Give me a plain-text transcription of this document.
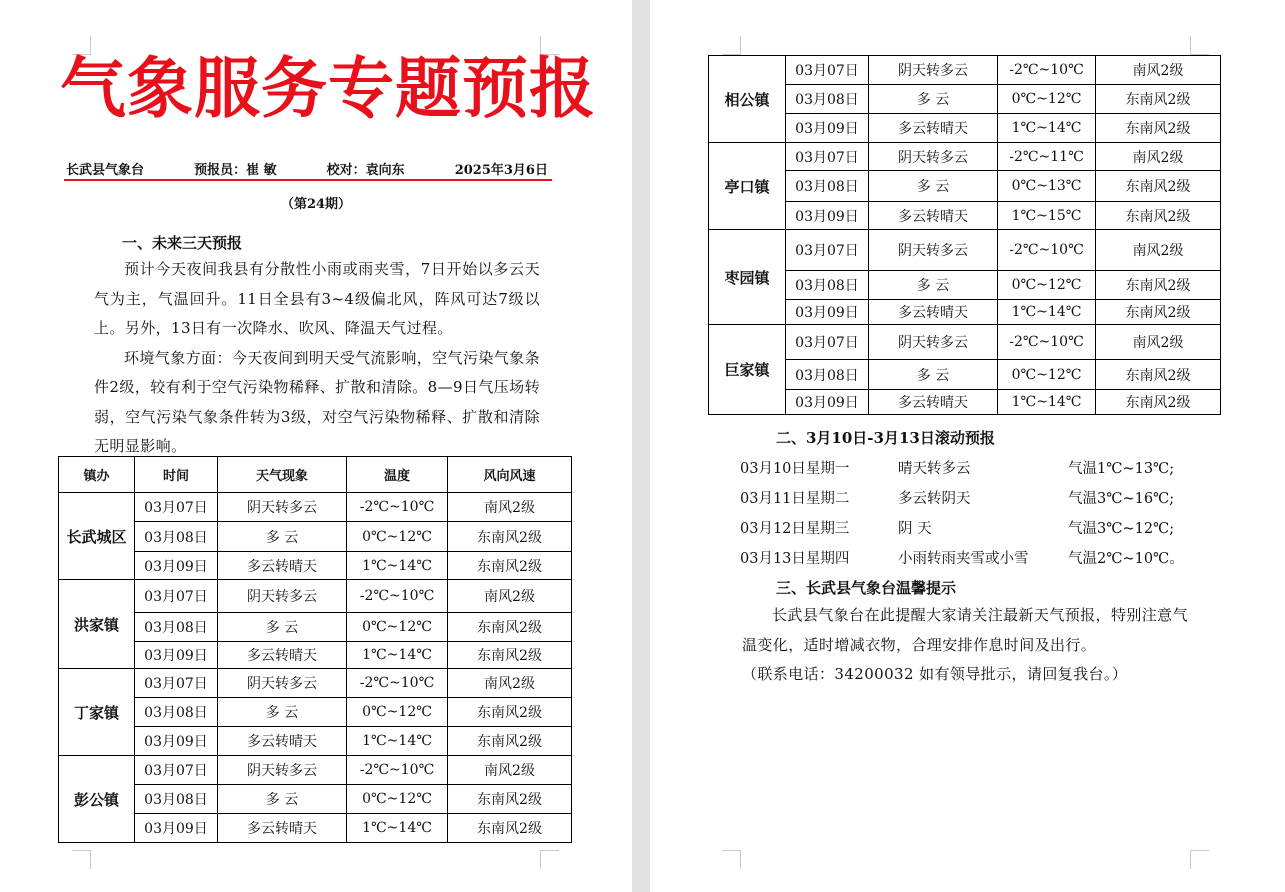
气象服务专题预报
长武县气象台	预报员：崔 敏	校对：袁向东	2025年3月6日
（第24期）
一、未来三天预报

预计今天夜间我县有分散性小雨或雨夹雪，7日开始以多云天气为主，气温回升。11日全县有3~4级偏北风，阵风可达7级以上。另外，13日有一次降水、吹风、降温天气过程。

环境气象方面：今天夜间到明天受气流影响，空气污染气象条件2级，较有利于空气污染物稀释、扩散和清除。8—9日气压场转弱，空气污染气象条件转为3级，对空气污染物稀释、扩散和清除无明显影响。

镇办	时间	天气现象	温度	风向风速
长武城区	03月07日	阴天转多云	-2℃~10℃	南风2级
	03月08日	多 云	0℃~12℃	东南风2级
	03月09日	多云转晴天	1℃~14℃	东南风2级
洪家镇	03月07日	阴天转多云	-2℃~10℃	南风2级
	03月08日	多 云	0℃~12℃	东南风2级
	03月09日	多云转晴天	1℃~14℃	东南风2级
丁家镇	03月07日	阴天转多云	-2℃~10℃	南风2级
	03月08日	多 云	0℃~12℃	东南风2级
	03月09日	多云转晴天	1℃~14℃	东南风2级
彭公镇	03月07日	阴天转多云	-2℃~10℃	南风2级
	03月08日	多 云	0℃~12℃	东南风2级
	03月09日	多云转晴天	1℃~14℃	东南风2级
相公镇	03月07日	阴天转多云	-2℃~10℃	南风2级
	03月08日	多 云	0℃~12℃	东南风2级
	03月09日	多云转晴天	1℃~14℃	东南风2级
亭口镇	03月07日	阴天转多云	-2℃~11℃	南风2级
	03月08日	多 云	0℃~13℃	东南风2级
	03月09日	多云转晴天	1℃~15℃	东南风2级
枣园镇	03月07日	阴天转多云	-2℃~10℃	南风2级
	03月08日	多 云	0℃~12℃	东南风2级
	03月09日	多云转晴天	1℃~14℃	东南风2级
巨家镇	03月07日	阴天转多云	-2℃~10℃	南风2级
	03月08日	多 云	0℃~12℃	东南风2级
	03月09日	多云转晴天	1℃~14℃	东南风2级
二、3月10日-3月13日滚动预报
03月10日星期一	晴天转多云	气温1℃~13℃;
03月11日星期二	多云转阴天	气温3℃~16℃;
03月12日星期三	阴 天	气温3℃~12℃;
03月13日星期四	小雨转雨夹雪或小雪	气温2℃~10℃。
三、长武县气象台温馨提示

长武县气象台在此提醒大家请关注最新天气预报，特别注意气温变化，适时增减衣物，合理安排作息时间及出行。

（联系电话：34200032 如有领导批示，请回复我台。）
